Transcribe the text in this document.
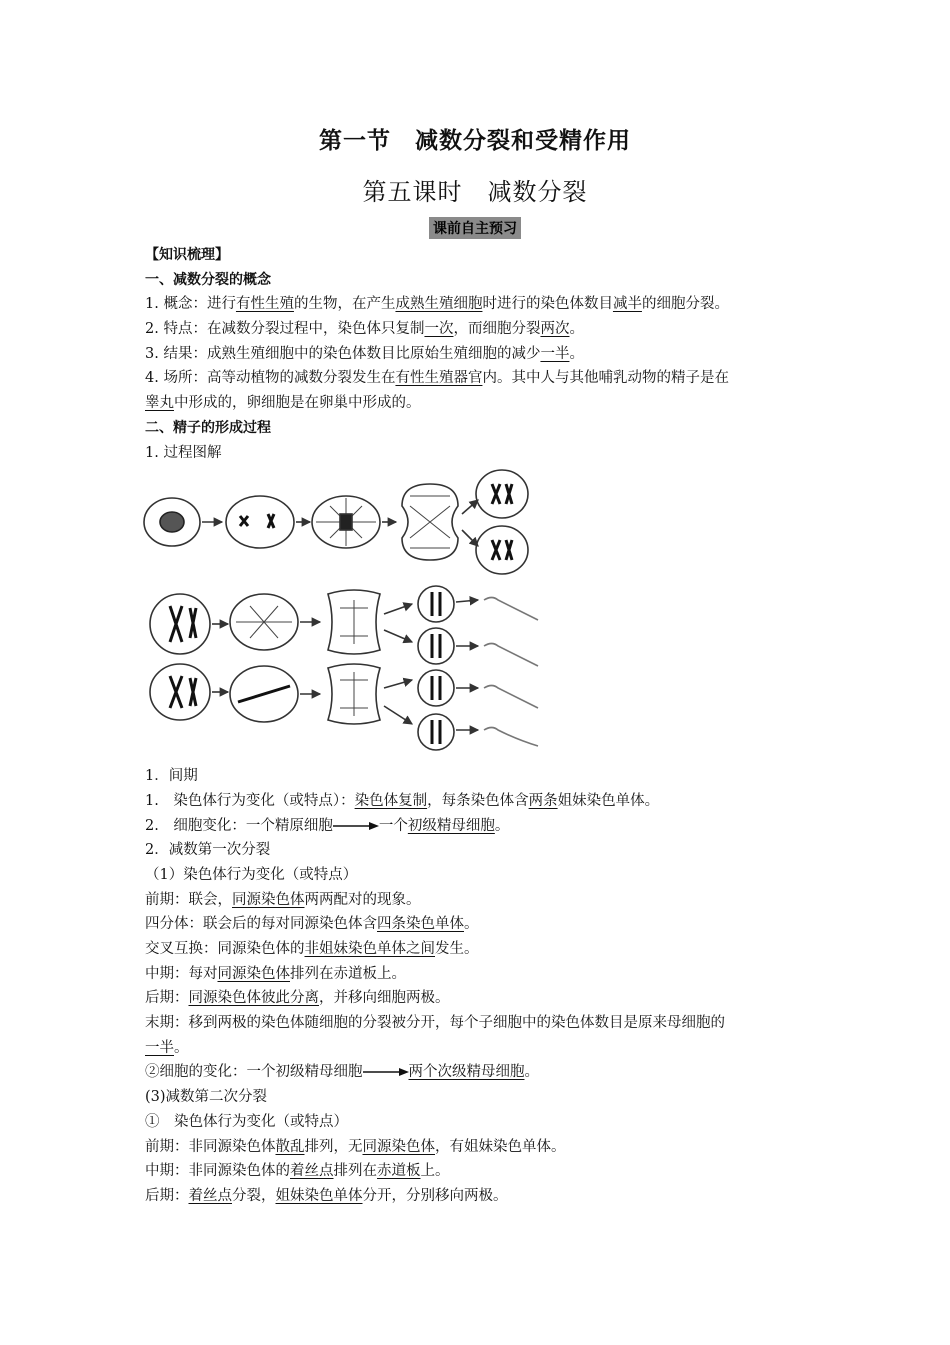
第一节　减数分裂和受精作用
第五课时　减数分裂
课前自主预习
【知识梳理】
一、减数分裂的概念
1. 概念：进行有性生殖的生物，在产生成熟生殖细胞时进行的染色体数目减半的细胞分裂。
2. 特点：在减数分裂过程中，染色体只复制一次，而细胞分裂两次。
3. 结果：成熟生殖细胞中的染色体数目比原始生殖细胞的减少一半。
4. 场所：高等动植物的减数分裂发生在有性生殖器官内。其中人与其他哺乳动物的精子是在
睾丸中形成的，卵细胞是在卵巢中形成的。
二、精子的形成过程
1. 过程图解
1．间期
1.　染色体行为变化（或特点）：染色体复制，每条染色体含两条姐妹染色单体。
2.　细胞变化：一个精原细胞	一个初级精母细胞。
2．减数第一次分裂
（1）染色体行为变化（或特点）
前期：联会，同源染色体两两配对的现象。
四分体：联会后的每对同源染色体含四条染色单体。
交叉互换：同源染色体的非姐妹染色单体之间发生。
中期：每对同源染色体排列在赤道板上。
后期：同源染色体彼此分离，并移向细胞两极。
末期：移到两极的染色体随细胞的分裂被分开，每个子细胞中的染色体数目是原来母细胞的
一半。
②细胞的变化：一个初级精母细胞	两个次级精母细胞。
(3)减数第二次分裂
①　染色体行为变化（或特点）
前期：非同源染色体散乱排列，无同源染色体，有姐妹染色单体。
中期：非同源染色体的着丝点排列在赤道板上。
后期：着丝点分裂，姐妹染色单体分开，分别移向两极。
